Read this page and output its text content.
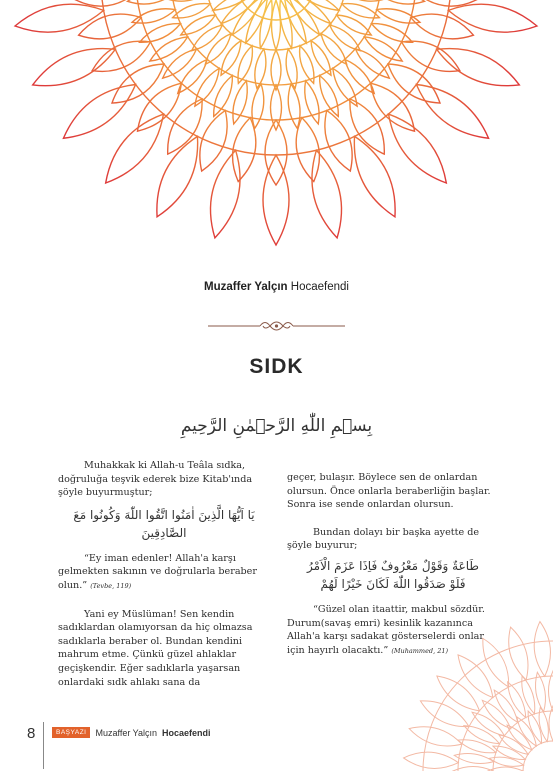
Muzaffer Yalçın Hocaefendi
SIDK
بِسۡمِ اللّٰهِ الرَّحۡمٰنِ الرَّحِيمِ

Muhakkak ki Allah-u Teâla sıdka, doğruluğa teşvik ederek bize Kitab'ında şöyle buyurmuştur;

يَا اَيُّهَا الَّذِينَ اٰمَنُوا اتَّقُوا اللّٰهَ وَكُونُوا مَعَ الصَّادِقِينَ

“Ey iman edenler! Allah'a karşı gelmekten sakının ve doğrularla beraber olun.” (Tevbe, 119)

Yani ey Müslüman! Sen kendin sadıklardan olamıyorsan da hiç olmazsa sadıklarla beraber ol. Bundan kendini mahrum etme. Çünkü güzel ahlaklar geçişkendir. Eğer sadıklarla yaşarsan onlardaki sıdk ahlakı sana da

geçer, bulaşır. Böylece sen de onlardan olursun. Önce onlarla beraberliğin başlar. Sonra ise sende onlardan olursun.

Bundan dolayı bir başka ayette de şöyle buyurur;

طَاعَةٌ وَقَوْلٌ مَعْرُوفٌ فَاِذَا عَزَمَ الْاَمْرُ

فَلَوْ صَدَقُوا اللّٰهَ لَكَانَ خَيْرًا لَهُمْ

“Güzel olan itaattir, makbul sözdür. Durum(savaş emri) kesinlik kazanınca Allah'a karşı sadakat gösterselerdi onlar için hayırlı olacaktı.” (Muhammed, 21)

8	BAŞYAZI	Muzaffer Yalçın Hocaefendi
